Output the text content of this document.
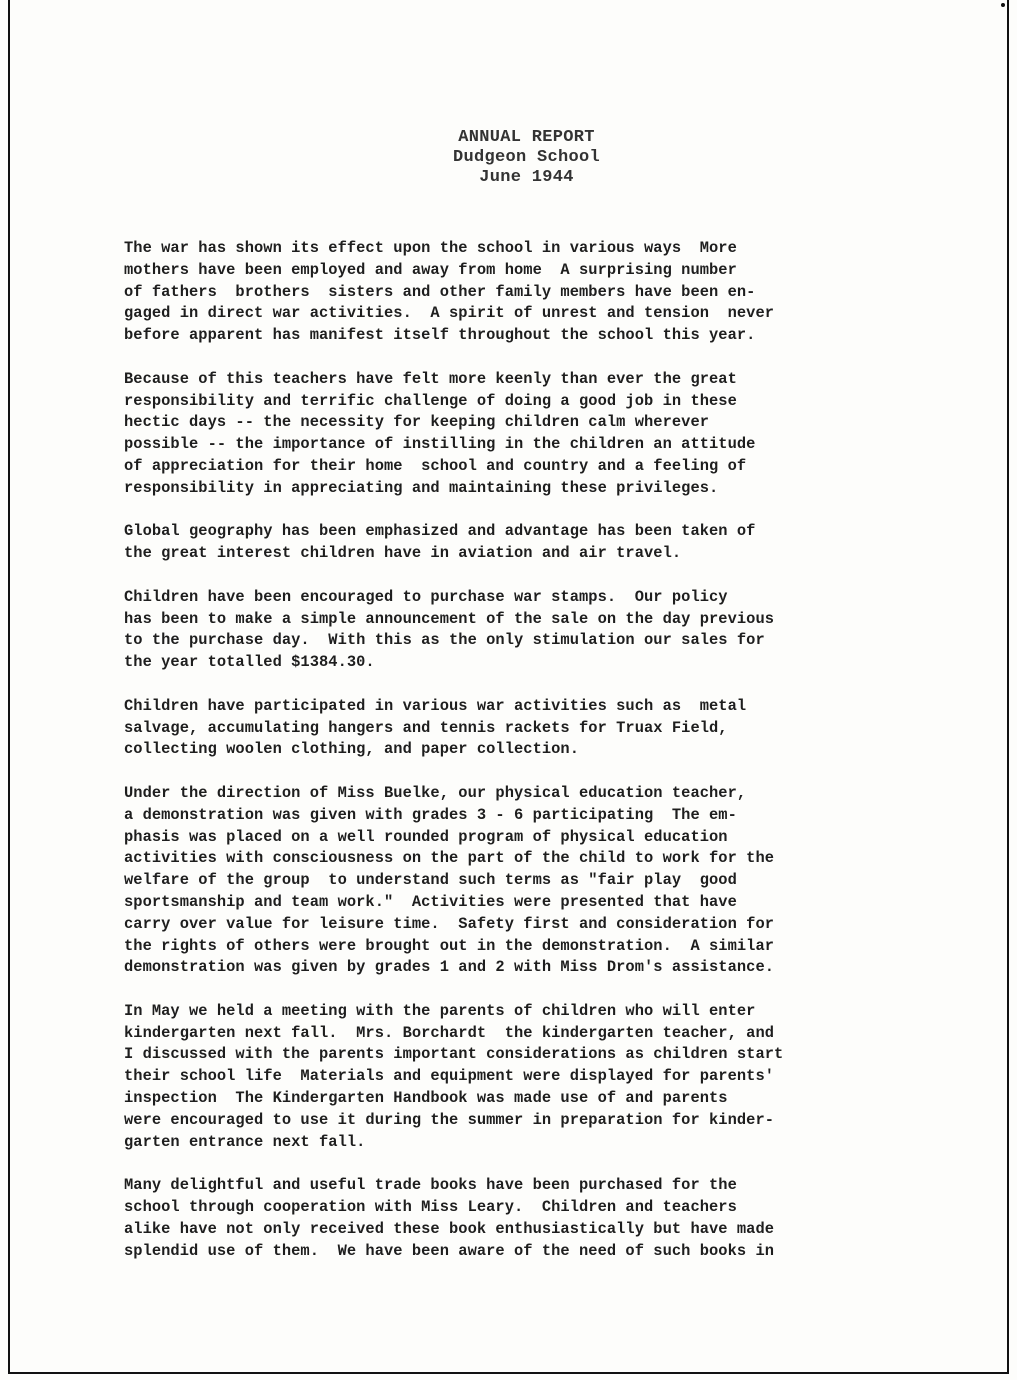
ANNUAL REPORT
Dudgeon School
June 1944
The war has shown its effect upon the school in various ways  More
mothers have been employed and away from home  A surprising number
of fathers  brothers  sisters and other family members have been en-
gaged in direct war activities.  A spirit of unrest and tension  never
before apparent has manifest itself throughout the school this year.
Because of this teachers have felt more keenly than ever the great
responsibility and terrific challenge of doing a good job in these
hectic days -- the necessity for keeping children calm wherever
possible -- the importance of instilling in the children an attitude
of appreciation for their home  school and country and a feeling of
responsibility in appreciating and maintaining these privileges.
Global geography has been emphasized and advantage has been taken of
the great interest children have in aviation and air travel.
Children have been encouraged to purchase war stamps.  Our policy
has been to make a simple announcement of the sale on the day previous
to the purchase day.  With this as the only stimulation our sales for
the year totalled $1384.30.
Children have participated in various war activities such as  metal
salvage, accumulating hangers and tennis rackets for Truax Field,
collecting woolen clothing, and paper collection.
Under the direction of Miss Buelke, our physical education teacher,
a demonstration was given with grades 3 - 6 participating  The em-
phasis was placed on a well rounded program of physical education
activities with consciousness on the part of the child to work for the
welfare of the group  to understand such terms as "fair play  good
sportsmanship and team work."  Activities were presented that have
carry over value for leisure time.  Safety first and consideration for
the rights of others were brought out in the demonstration.  A similar
demonstration was given by grades 1 and 2 with Miss Drom's assistance.
In May we held a meeting with the parents of children who will enter
kindergarten next fall.  Mrs. Borchardt  the kindergarten teacher, and
I discussed with the parents important considerations as children start
their school life  Materials and equipment were displayed for parents'
inspection  The Kindergarten Handbook was made use of and parents
were encouraged to use it during the summer in preparation for kinder-
garten entrance next fall.
Many delightful and useful trade books have been purchased for the
school through cooperation with Miss Leary.  Children and teachers
alike have not only received these book enthusiastically but have made
splendid use of them.  We have been aware of the need of such books in
